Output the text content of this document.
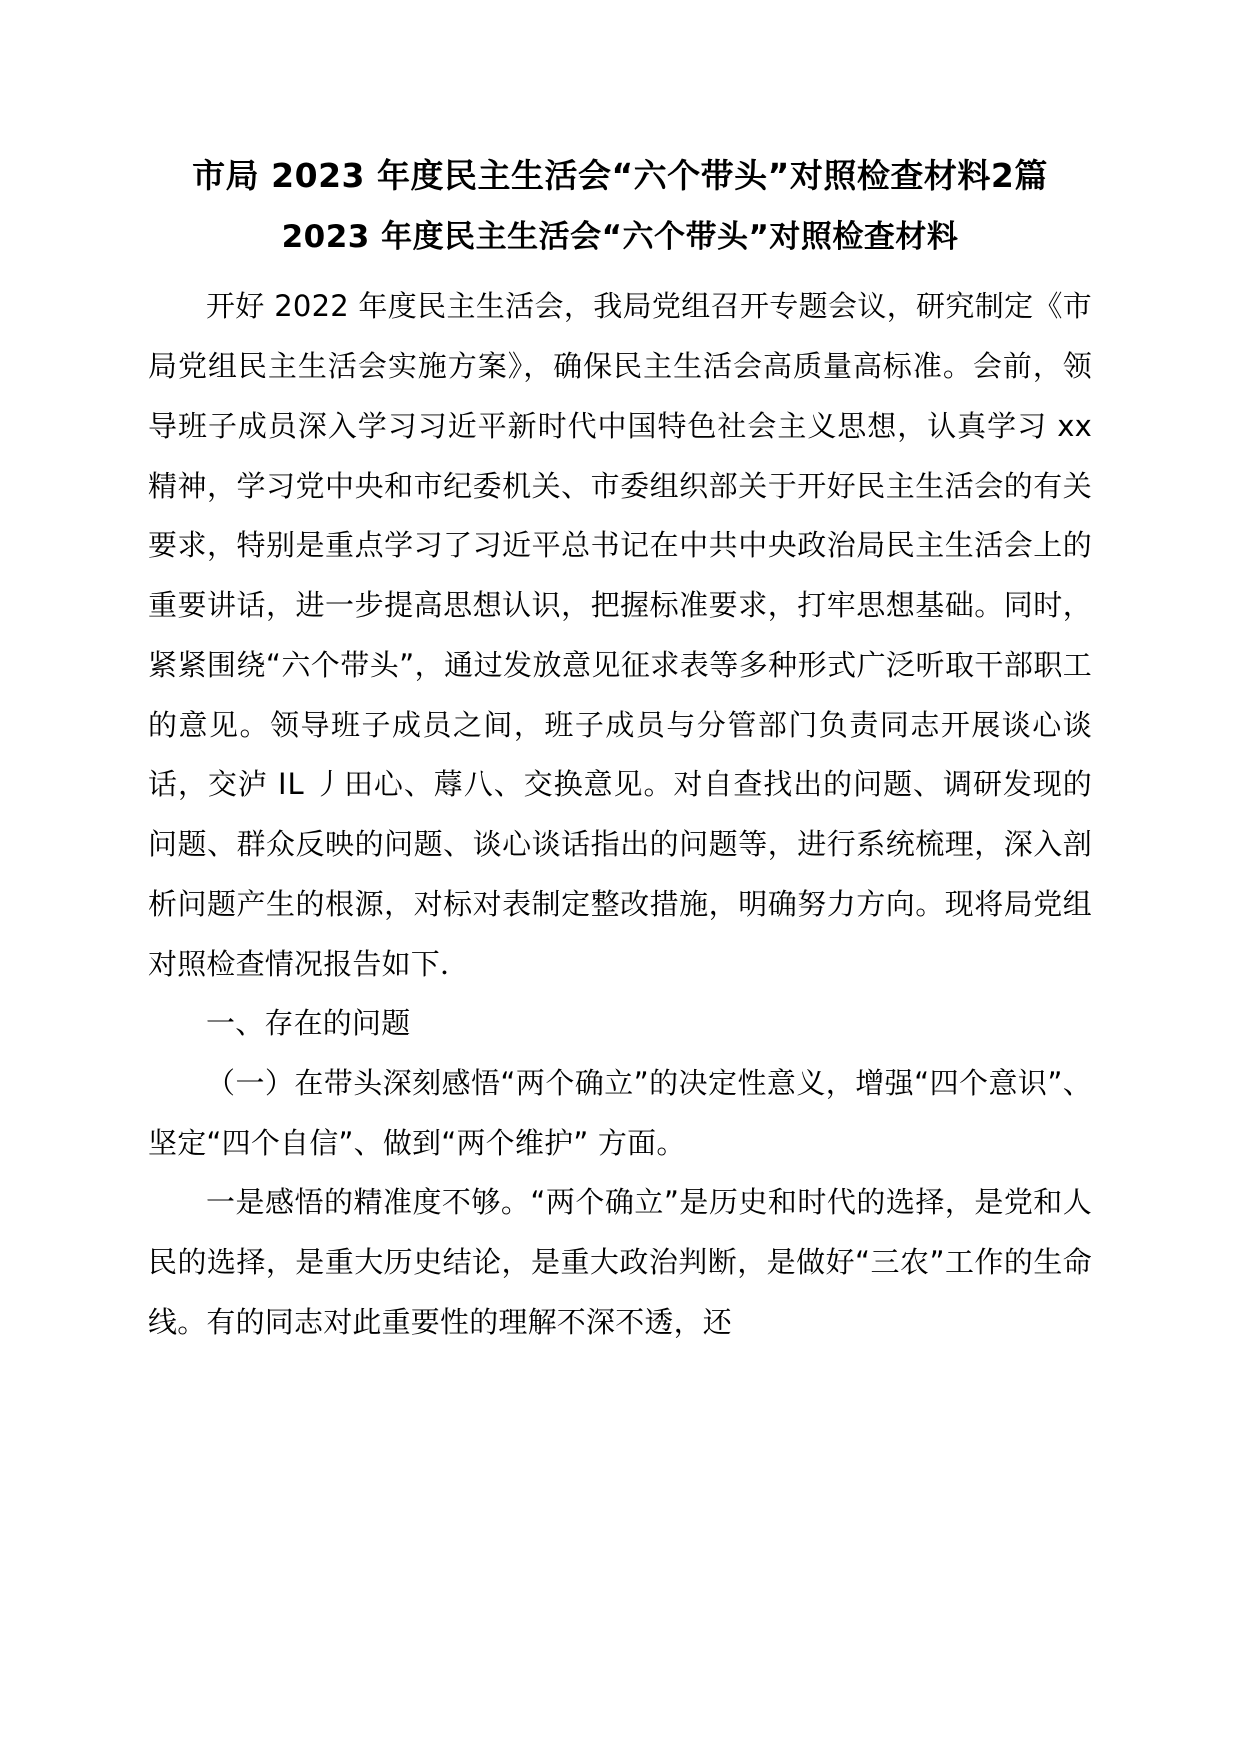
市局 2023 年度民主生活会“六个带头”对照检查材料2篇
2023 年度民主生活会“六个带头”对照检查材料

开好 2022 年度民主生活会，我局党组召开专题会议，研究制定《市局党组民主生活会实施方案》，确保民主生活会高质量高标准。会前，领导班子成员深入学习习近平新时代中国特色社会主义思想，认真学习 xx 精神，学习党中央和市纪委机关、市委组织部关于开好民主生活会的有关要求，特别是重点学习了习近平总书记在中共中央政治局民主生活会上的重要讲话，进一步提高思想认识，把握标准要求，打牢思想基础。同时，紧紧围绕“六个带头”，通过发放意见征求表等多种形式广泛听取干部职工的意见。领导班子成员之间，班子成员与分管部门负责同志开展谈心谈话，交泸 ⅠL 丿田心、蓐八、交换意见。对自查找出的问题、调研发现的问题、群众反映的问题、谈心谈话指出的问题等，进行系统梳理，深入剖析问题产生的根源，对标对表制定整改措施，明确努力方向。现将局党组对照检查情况报告如下．

一、存在的问题

（一）在带头深刻感悟“两个确立”的决定性意义，增强“四个意识”、坚定“四个自信”、做到“两个维护” 方面。

一是感悟的精准度不够。“两个确立”是历史和时代的选择，是党和人民的选择，是重大历史结论，是重大政治判断，是做好“三农”工作的生命线。有的同志对此重要性的理解不深不透，还
